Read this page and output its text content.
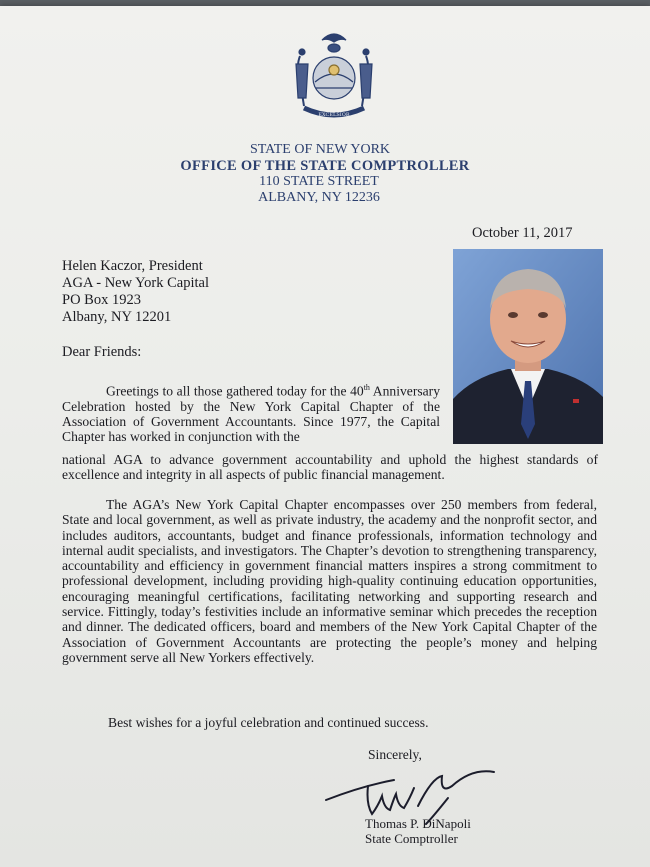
EXCELSIOR
STATE OF NEW YORK
OFFICE OF THE STATE COMPTROLLER
110 STATE STREET
ALBANY, NY 12236
October 11, 2017
Helen Kaczor, President
AGA - New York Capital
PO Box 1923
Albany, NY 12201
Dear Friends:
Greetings to all those gathered today for the 40th Anniversary Celebration hosted by the New York Capital Chapter of the Association of Government Accountants. Since 1977, the Capital Chapter has worked in conjunction with the
national AGA to advance government accountability and uphold the highest standards of excellence and integrity in all aspects of public financial management.
The AGA’s New York Capital Chapter encompasses over 250 members from federal, State and local government, as well as private industry, the academy and the nonprofit sector, and includes auditors, accountants, budget and finance professionals, information technology and internal audit specialists, and investigators. The Chapter’s devotion to strengthening transparency, accountability and efficiency in government financial matters inspires a strong commitment to professional development, including providing high-quality continuing education opportunities, encouraging meaningful certifications, facilitating networking and supporting research and service. Fittingly, today’s festivities include an informative seminar which precedes the reception and dinner. The dedicated officers, board and members of the New York Capital Chapter of the Association of Government Accountants are protecting the people’s money and helping government serve all New Yorkers effectively.
Best wishes for a joyful celebration and continued success.
Sincerely,
Thomas P. DiNapoli
State Comptroller
